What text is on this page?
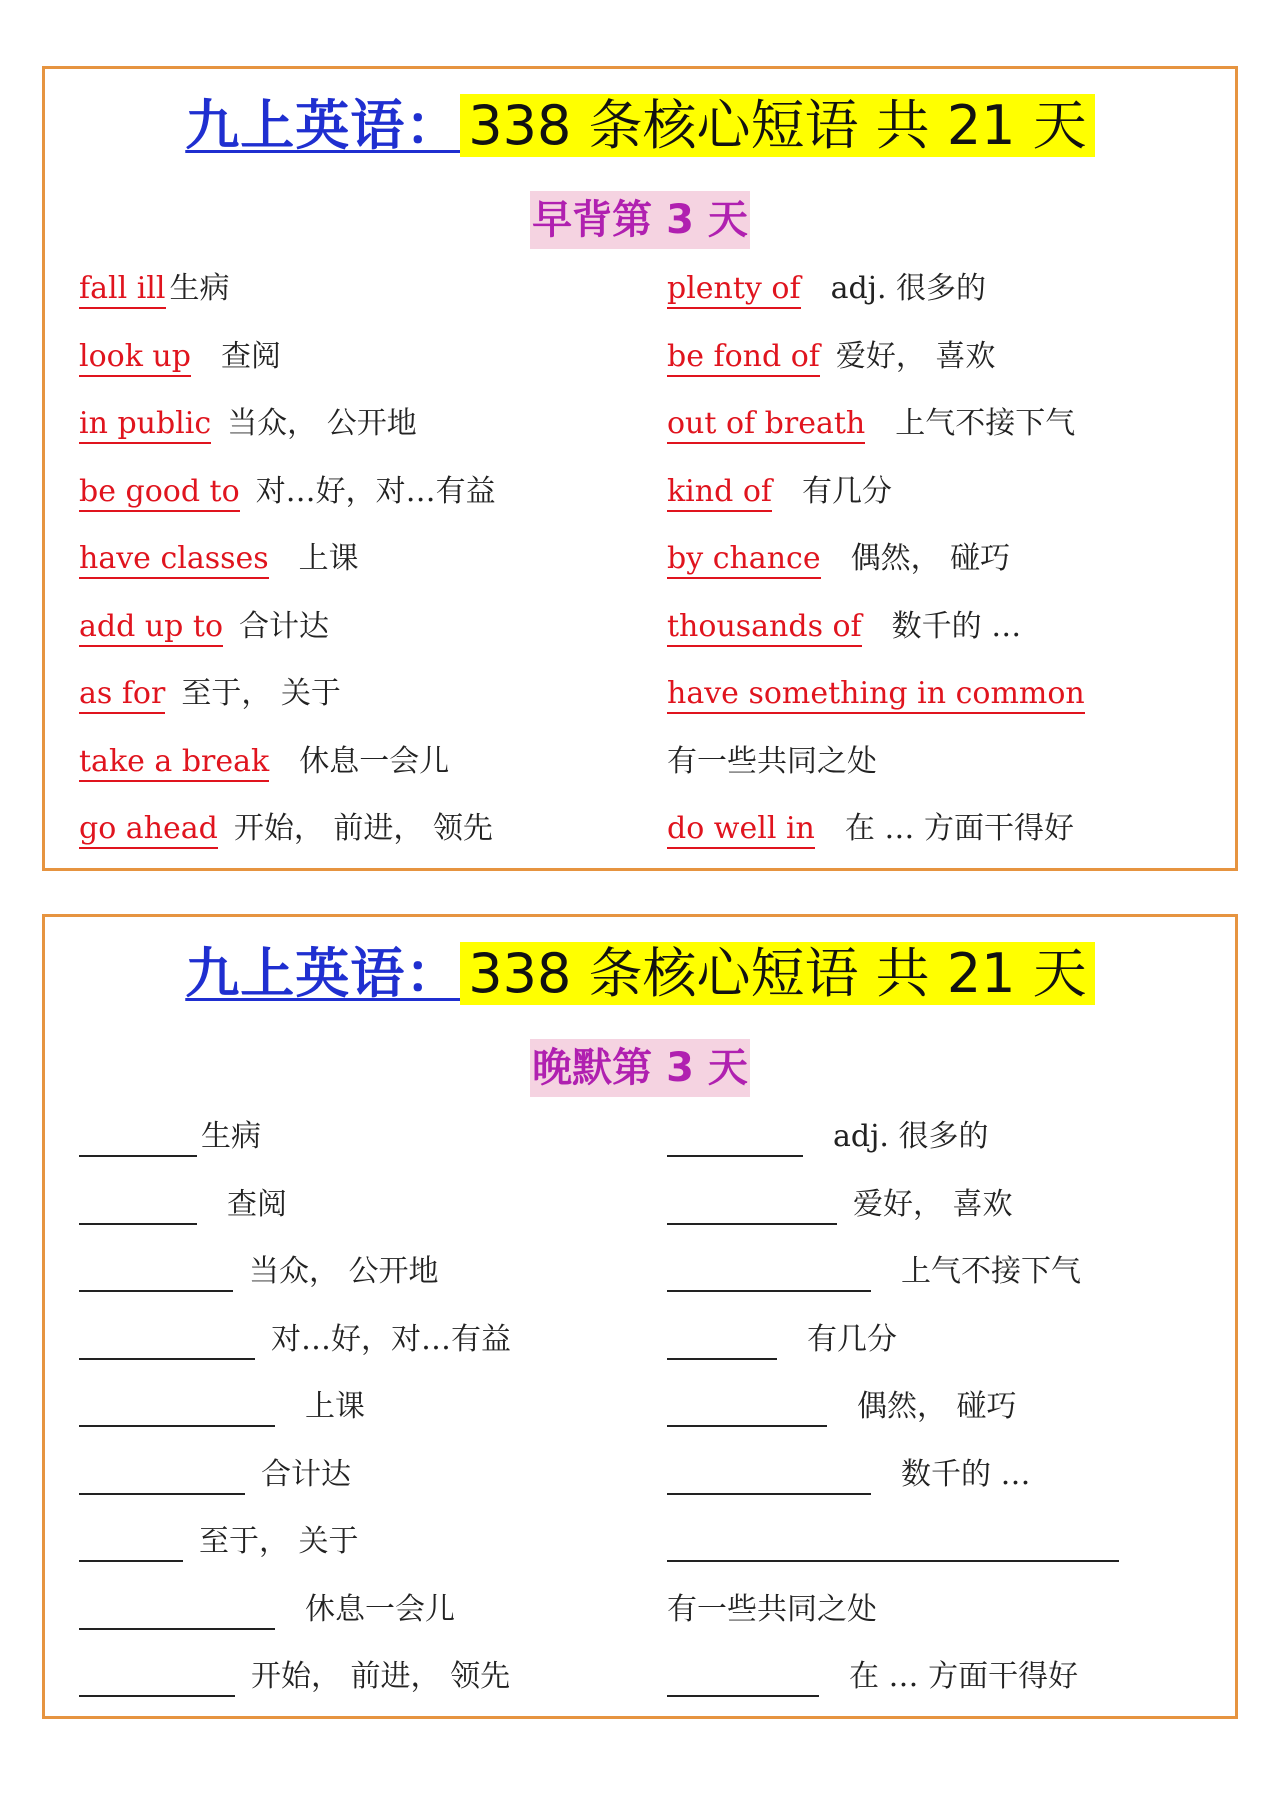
九上英语： 338 条核心短语 共 21 天
早背第 3 天
fall ill 生病	plenty of adj. 很多的
look up 查阅	be fond of 爱好， 喜欢
in public 当众， 公开地	out of breath 上气不接下气
be good to 对…好，对…有益	kind of 有几分
have classes 上课	by chance 偶然， 碰巧
add up to 合计达	thousands of 数千的 …
as for 至于， 关于	have something in common
take a break 休息一会儿	有一些共同之处
go ahead 开始， 前进， 领先	do well in 在 … 方面干得好
九上英语： 338 条核心短语 共 21 天
晚默第 3 天
生病	adj. 很多的
查阅	爱好， 喜欢
当众， 公开地	上气不接下气
对…好，对…有益	有几分
上课	偶然， 碰巧
合计达	数千的 …
至于， 关于
休息一会儿	有一些共同之处
开始， 前进， 领先	在 … 方面干得好
